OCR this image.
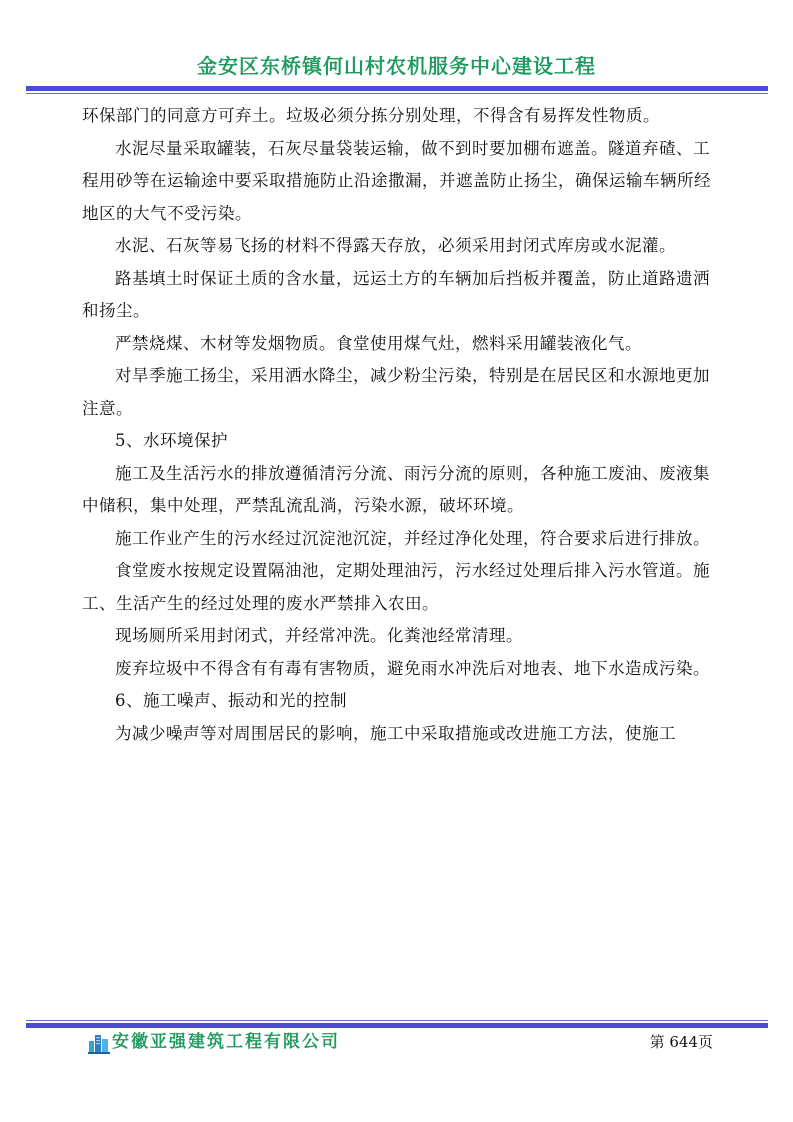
金安区东桥镇何山村农机服务中心建设工程

环保部门的同意方可弃土。垃圾必须分拣分别处理，不得含有易挥发性物质。

水泥尽量采取罐装，石灰尽量袋装运输，做不到时要加棚布遮盖。隧道弃碴、工程用砂等在运输途中要采取措施防止沿途撒漏，并遮盖防止扬尘，确保运输车辆所经地区的大气不受污染。

水泥、石灰等易飞扬的材料不得露天存放，必须采用封闭式库房或水泥灌。

路基填土时保证土质的含水量，远运土方的车辆加后挡板并覆盖，防止道路遗洒和扬尘。

严禁烧煤、木材等发烟物质。食堂使用煤气灶，燃料采用罐装液化气。

对旱季施工扬尘，采用洒水降尘，减少粉尘污染，特别是在居民区和水源地更加注意。

5、水环境保护

施工及生活污水的排放遵循清污分流、雨污分流的原则，各种施工废油、废液集中储积，集中处理，严禁乱流乱淌，污染水源，破坏环境。

施工作业产生的污水经过沉淀池沉淀，并经过净化处理，符合要求后进行排放。

食堂废水按规定设置隔油池，定期处理油污，污水经过处理后排入污水管道。施工、生活产生的经过处理的废水严禁排入农田。

现场厕所采用封闭式，并经常冲洗。化粪池经常清理。

废弃垃圾中不得含有有毒有害物质，避免雨水冲洗后对地表、地下水造成污染。

6、施工噪声、振动和光的控制

为减少噪声等对周围居民的影响，施工中采取措施或改进施工方法，使施工

安徽亚强建筑工程有限公司	第 644页
